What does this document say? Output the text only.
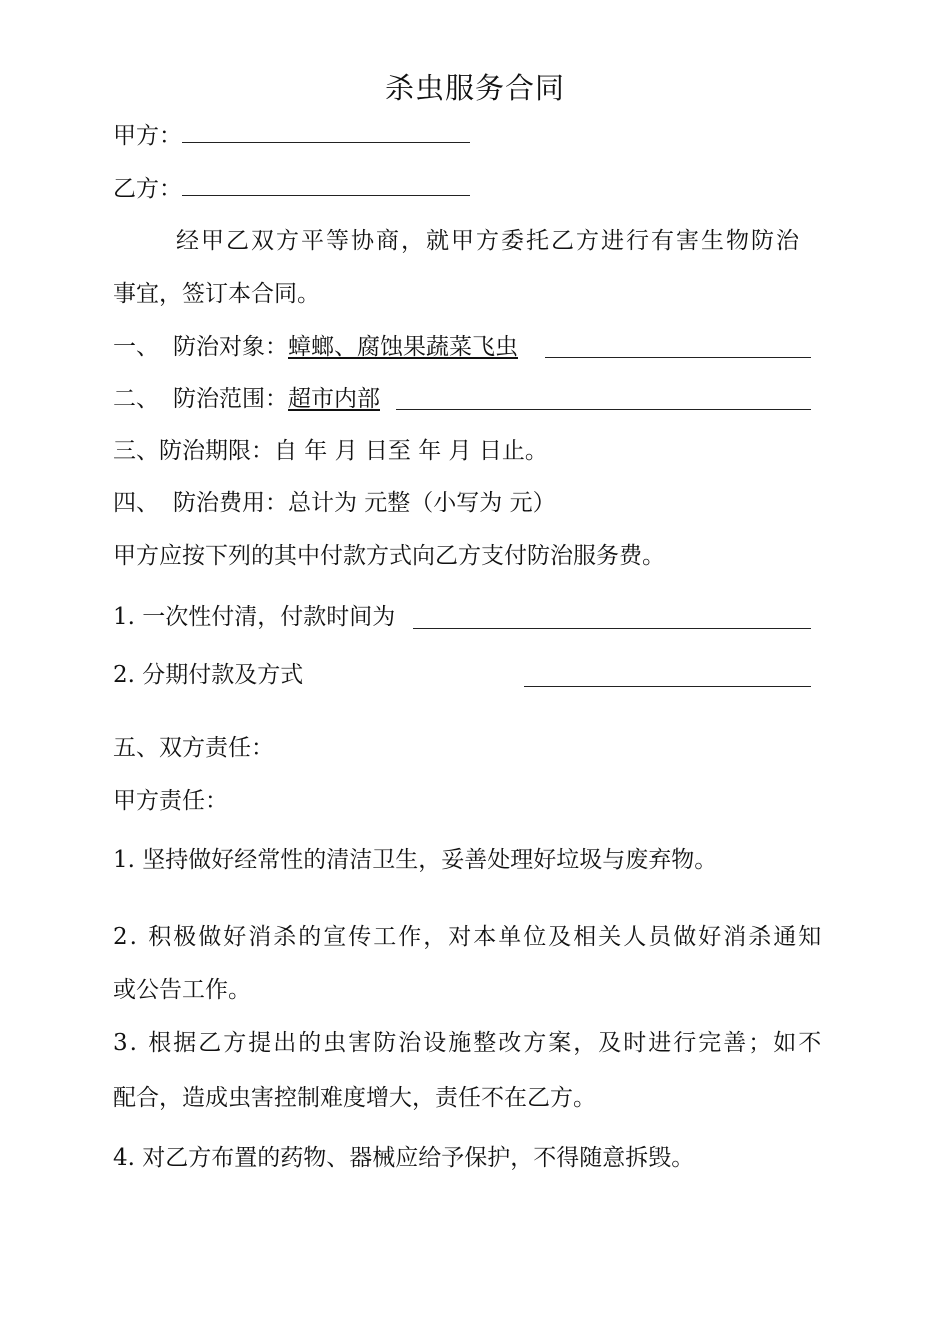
杀虫服务合同
甲方：
乙方：
经甲乙双方平等协商，就甲方委托乙方进行有害生物防治
事宜，签订本合同。
一、 防治对象：蟑螂、腐蚀果蔬菜飞虫
二、 防治范围：超市内部
三、防治期限：自 年 月 日至 年 月 日止。
四、 防治费用：总计为 元整（小写为 元）
甲方应按下列的其中付款方式向乙方支付防治服务费。
1. 一次性付清，付款时间为
2. 分期付款及方式
五、双方责任：
甲方责任：
1. 坚持做好经常性的清洁卫生，妥善处理好垃圾与废弃物。
2. 积极做好消杀的宣传工作，对本单位及相关人员做好消杀通知
或公告工作。
3. 根据乙方提出的虫害防治设施整改方案，及时进行完善；如不
配合，造成虫害控制难度增大，责任不在乙方。
4. 对乙方布置的药物、器械应给予保护，不得随意拆毁。
